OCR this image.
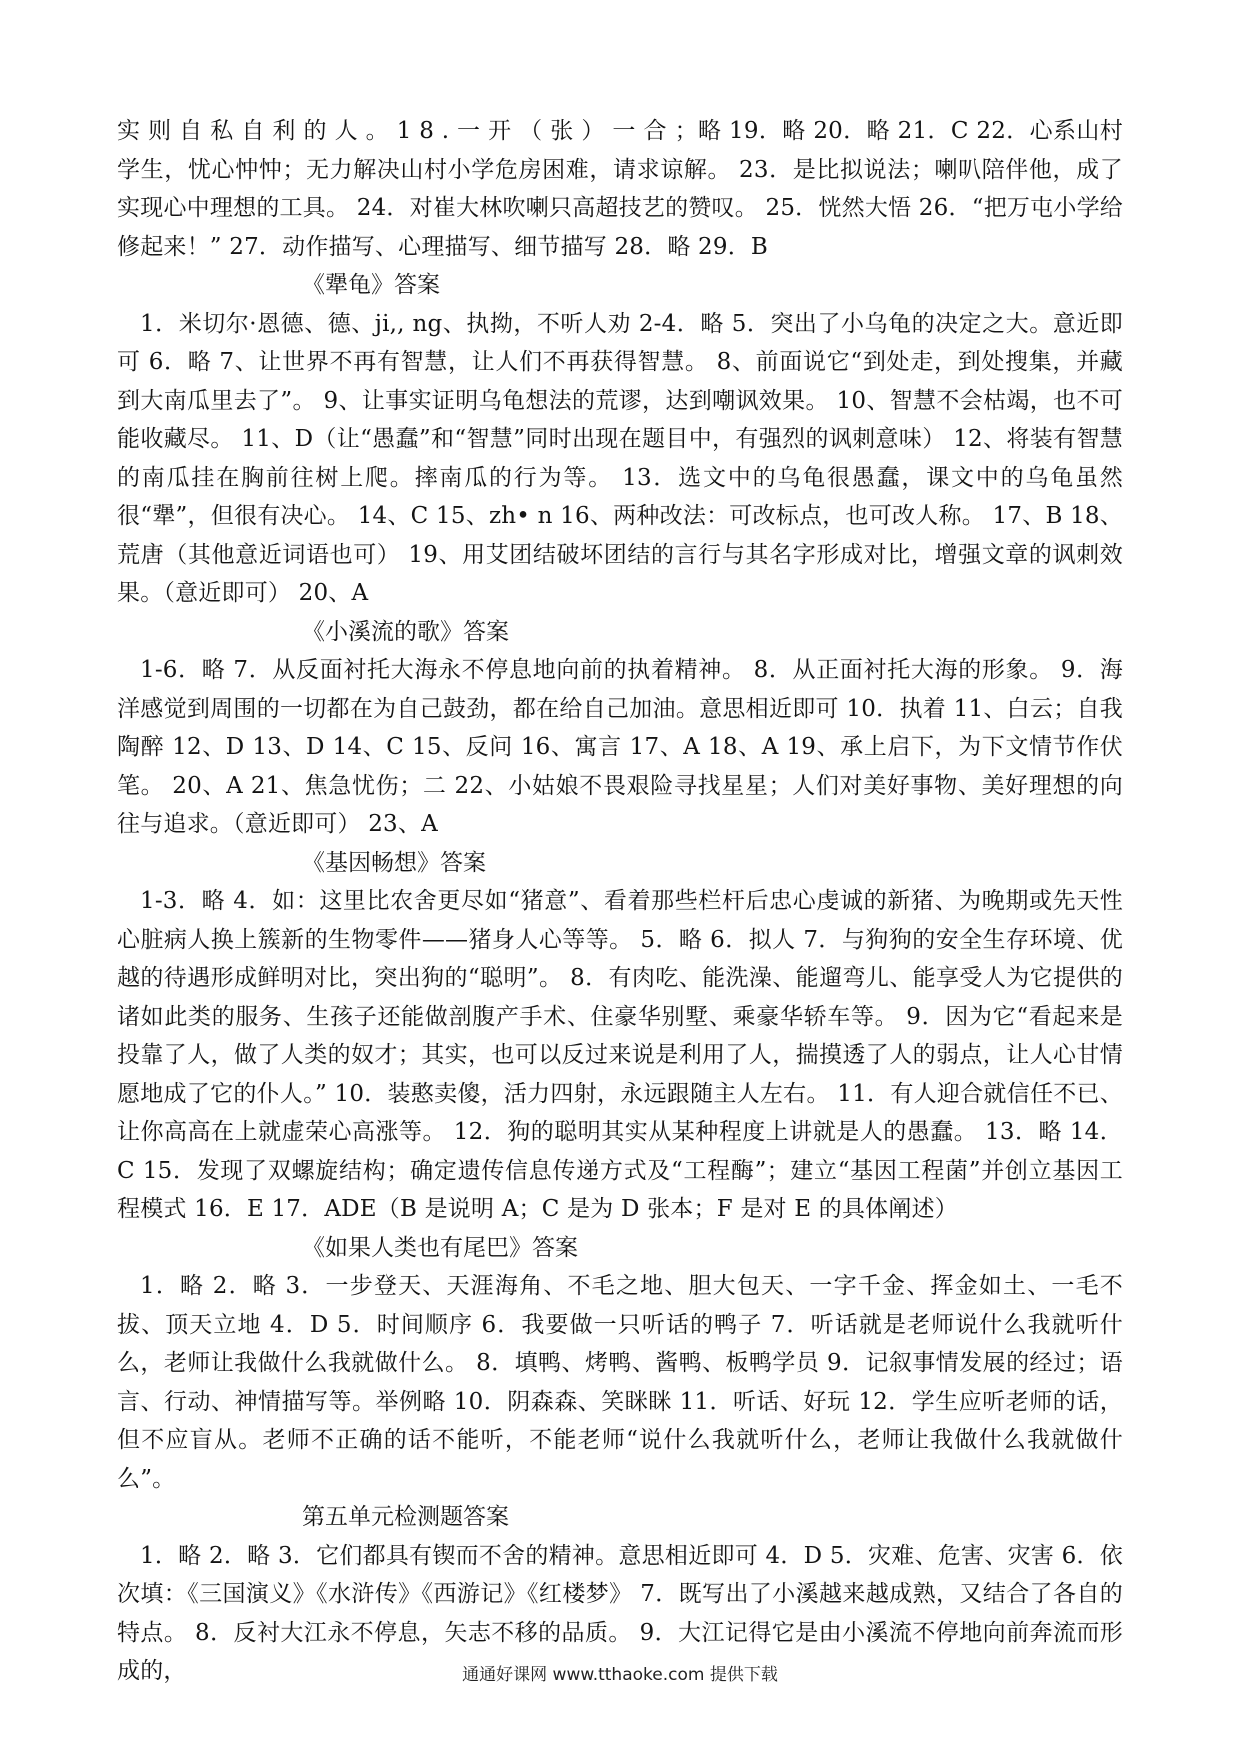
实 则 自 私 自 利 的 人 。 1 8 . 一 开 （ 张 ） 一 合 ；略 19．略 20．略 21．C 22．心系山村学生，忧心忡忡；无力解决山村小学危房困难，请求谅解。 23．是比拟说法；喇叭陪伴他，成了实现心中理想的工具。 24．对崔大林吹喇只高超技艺的赞叹。 25．恍然大悟 26．“把万屯小学给修起来！” 27．动作描写、心理描写、细节描写 28．略 29．B

《犟龟》答案

1．米切尔·恩德、德、ji,, ng、执拗，不听人劝 2-4．略 5．突出了小乌龟的决定之大。意近即可 6．略 7、让世界不再有智慧，让人们不再获得智慧。 8、前面说它“到处走，到处搜集，并藏到大南瓜里去了”。 9、让事实证明乌龟想法的荒谬，达到嘲讽效果。 10、智慧不会枯竭，也不可能收藏尽。 11、D（让“愚蠢”和“智慧”同时出现在题目中，有强烈的讽刺意味） 12、将装有智慧的南瓜挂在胸前往树上爬。摔南瓜的行为等。 13．选文中的乌龟很愚蠢，课文中的乌龟虽然很“犟”，但很有决心。 14、C 15、zh• n 16、两种改法：可改标点，也可改人称。 17、B 18、荒唐（其他意近词语也可） 19、用艾团结破坏团结的言行与其名字形成对比，增强文章的讽刺效果。（意近即可） 20、A

《小溪流的歌》答案

1-6．略 7．从反面衬托大海永不停息地向前的执着精神。 8．从正面衬托大海的形象。 9．海洋感觉到周围的一切都在为自己鼓劲，都在给自己加油。意思相近即可 10．执着 11、白云；自我陶醉 12、D 13、D 14、C 15、反问 16、寓言 17、A 18、A 19、承上启下，为下文情节作伏笔。 20、A 21、焦急忧伤；二 22、小姑娘不畏艰险寻找星星；人们对美好事物、美好理想的向往与追求。（意近即可） 23、A

《基因畅想》答案

1-3．略 4．如：这里比农舍更尽如“猪意”、看着那些栏杆后忠心虔诚的新猪、为晚期或先天性心脏病人换上簇新的生物零件——猪身人心等等。 5．略 6．拟人 7．与狗狗的安全生存环境、优越的待遇形成鲜明对比，突出狗的“聪明”。 8．有肉吃、能洗澡、能遛弯儿、能享受人为它提供的诸如此类的服务、生孩子还能做剖腹产手术、住豪华别墅、乘豪华轿车等。 9．因为它“看起来是投靠了人，做了人类的奴才；其实，也可以反过来说是利用了人，揣摸透了人的弱点，让人心甘情愿地成了它的仆人。” 10．装憨卖傻，活力四射，永远跟随主人左右。 11．有人迎合就信任不已、让你高高在上就虚荣心高涨等。 12．狗的聪明其实从某种程度上讲就是人的愚蠢。 13．略 14．C 15．发现了双螺旋结构；确定遗传信息传递方式及“工程酶”；建立“基因工程菌”并创立基因工程模式 16．E 17．ADE（B 是说明 A；C 是为 D 张本；F 是对 E 的具体阐述）

《如果人类也有尾巴》答案

1．略 2．略 3．一步登天、天涯海角、不毛之地、胆大包天、一字千金、挥金如土、一毛不拔、顶天立地 4．D 5．时间顺序 6．我要做一只听话的鸭子 7．听话就是老师说什么我就听什么，老师让我做什么我就做什么。 8．填鸭、烤鸭、酱鸭、板鸭学员 9．记叙事情发展的经过；语言、行动、神情描写等。举例略 10．阴森森、笑眯眯 11．听话、好玩 12．学生应听老师的话，但不应盲从。老师不正确的话不能听，不能老师“说什么我就听什么，老师让我做什么我就做什么”。

第五单元检测题答案

1．略 2．略 3．它们都具有锲而不舍的精神。意思相近即可 4．D 5．灾难、危害、灾害 6．依次填：《三国演义》《水浒传》《西游记》《红楼梦》 7．既写出了小溪越来越成熟，又结合了各自的特点。 8．反衬大江永不停息，矢志不移的品质。 9．大江记得它是由小溪流不停地向前奔流而形成的，	通通好课网 www.tthaoke.com 提供下载
